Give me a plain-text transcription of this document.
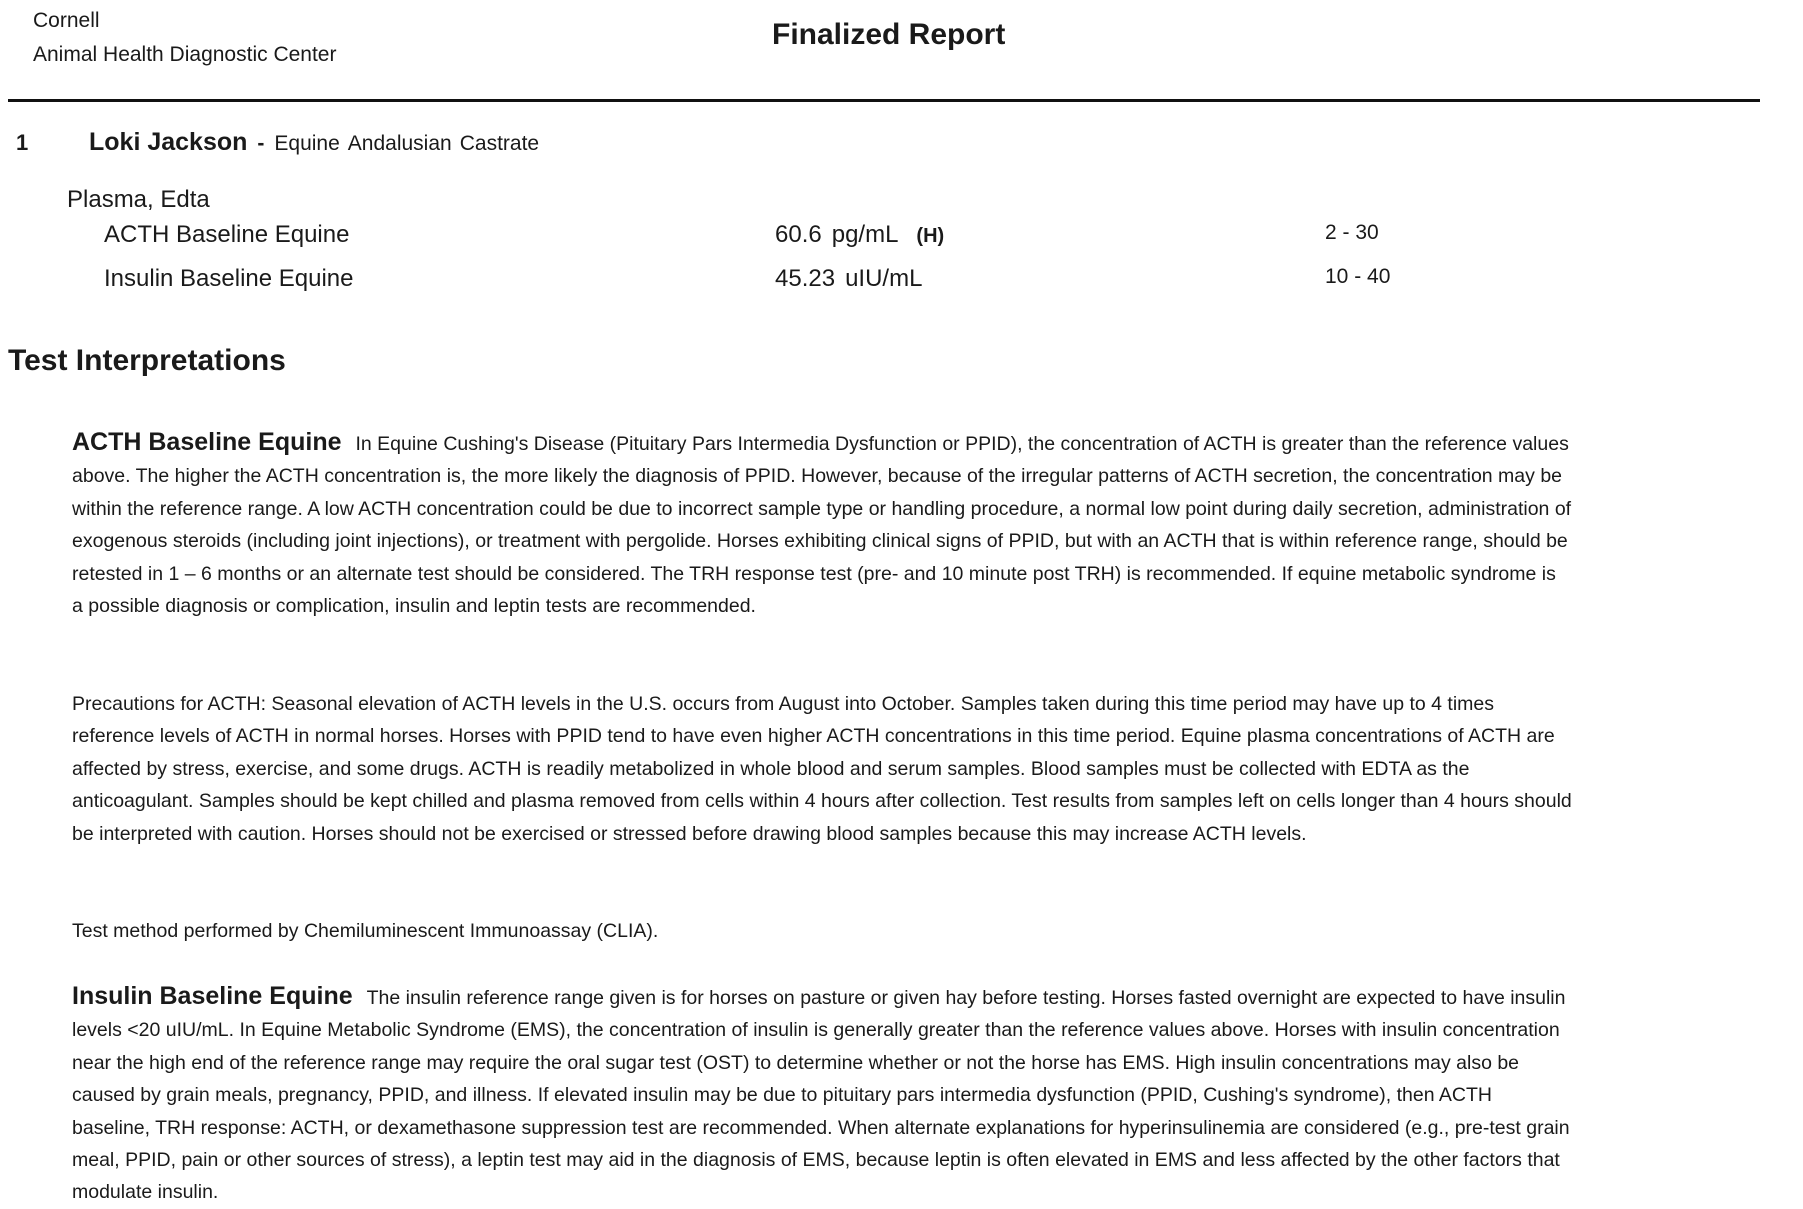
Cornell
Animal Health Diagnostic Center
Finalized Report
1 Loki Jackson - Equine Andalusian Castrate
Plasma, Edta
ACTH Baseline Equine	60.6 pg/mL (H)	2 - 30
Insulin Baseline Equine	45.23 uIU/mL	10 - 40
Test Interpretations
ACTH Baseline Equine In Equine Cushing's Disease (Pituitary Pars Intermedia Dysfunction or PPID), the concentration of ACTH is greater than the reference values above. The higher the ACTH concentration is, the more likely the diagnosis of PPID. However, because of the irregular patterns of ACTH secretion, the concentration may be within the reference range. A low ACTH concentration could be due to incorrect sample type or handling procedure, a normal low point during daily secretion, administration of exogenous steroids (including joint injections), or treatment with pergolide. Horses exhibiting clinical signs of PPID, but with an ACTH that is within reference range, should be retested in 1 – 6 months or an alternate test should be considered. The TRH response test (pre- and 10 minute post TRH) is recommended. If equine metabolic syndrome is a possible diagnosis or complication, insulin and leptin tests are recommended.
Precautions for ACTH: Seasonal elevation of ACTH levels in the U.S. occurs from August into October. Samples taken during this time period may have up to 4 times reference levels of ACTH in normal horses. Horses with PPID tend to have even higher ACTH concentrations in this time period. Equine plasma concentrations of ACTH are affected by stress, exercise, and some drugs. ACTH is readily metabolized in whole blood and serum samples. Blood samples must be collected with EDTA as the anticoagulant. Samples should be kept chilled and plasma removed from cells within 4 hours after collection. Test results from samples left on cells longer than 4 hours should be interpreted with caution. Horses should not be exercised or stressed before drawing blood samples because this may increase ACTH levels.
Test method performed by Chemiluminescent Immunoassay (CLIA).
Insulin Baseline Equine The insulin reference range given is for horses on pasture or given hay before testing. Horses fasted overnight are expected to have insulin levels <20 uIU/mL. In Equine Metabolic Syndrome (EMS), the concentration of insulin is generally greater than the reference values above. Horses with insulin concentration near the high end of the reference range may require the oral sugar test (OST) to determine whether or not the horse has EMS. High insulin concentrations may also be caused by grain meals, pregnancy, PPID, and illness. If elevated insulin may be due to pituitary pars intermedia dysfunction (PPID, Cushing's syndrome), then ACTH baseline, TRH response: ACTH, or dexamethasone suppression test are recommended. When alternate explanations for hyperinsulinemia are considered (e.g., pre-test grain meal, PPID, pain or other sources of stress), a leptin test may aid in the diagnosis of EMS, because leptin is often elevated in EMS and less affected by the other factors that modulate insulin.
